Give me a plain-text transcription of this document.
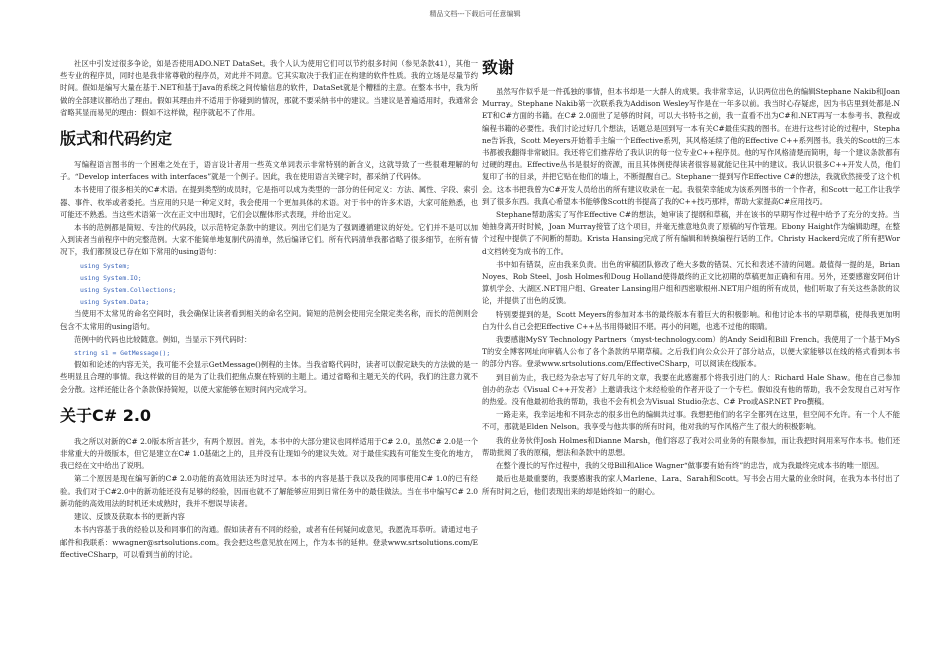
精品文档---下载后可任意编辑

社区中引发过很多争论，如是否使用ADO.NET DataSet。我个人认为使用它们可以节约很多时间（参见条款41），其他一些专业的程序员，同时也是我非常尊敬的程序员，对此并不同意。它其实取决于我们正在构建的软件性质。我的立场是尽量节约时间。假如是编写大量在基于.NET和基于Java的系统之间传输信息的软件，DataSet就是个糟糕的主意。在整本书中，我为所做的全部建议都给出了理由。假如其理由并不适用于你碰到的情况，那就不要采纳书中的建议。当建议是普遍适用时，我通常会省略其显而易见的理由：假如不这样做，程序就起不了作用。

版式和代码约定

写编程语言图书的一个困难之处在于，语言设计者用一些英文单词表示非常特别的新含义，这就导致了一些很难理解的句子。“Develop interfaces with interfaces”就是一个例子。因此，我在使用语言关键字时，都采纳了代码体。

本书使用了很多相关的C#术语。在提到类型的成员时，它是指可以成为类型的一部分的任何定义：方法、属性、字段、索引器、事件、枚举或者委托。当应用的只是一种定义时，我会使用一个更加具体的术语。对于书中的许多术语，大家可能熟悉，也可能还不熟悉。当这些术语第一次在正文中出现时，它们会以醒体形式表现，并给出定义。

本书的范例都是简短、专注的代码段，以示范特定条款中的建议。列出它们是为了强调遵循建议的好处。它们并不是可以加入到读者当前程序中的完整范例。大家不能简单地复制代码清单，然后编译它们。所有代码清单我都省略了很多细节，在所有情况下，我们都预设已存在如下常用的using语句：

using System;
using System.IO;
using System.Collections;
using System.Data;

当使用不太常见的命名空间时，我会确保让读者看到相关的命名空间。简短的范例会使用完全限定类名称，而长的范例则会包含不太常用的using语句。

范例中的代码也比较随意。例如，当显示下列代码时：

string s1 = GetMessage();

假如和论述的内容无关，我可能不会显示GetMessage()例程的主体。当我省略代码时，读者可以假定缺失的方法做的是一些明显且合理的事情。我这样做的目的是为了让我们把焦点聚在特别的主题上。通过省略和主题无关的代码，我们的注意力就不会分散。这样还能让各个条款保持简短，以使大家能够在短时间内完成学习。

关于C# 2.0

我之所以对新的C# 2.0版本所言甚少，有两个原因。首先，本书中的大部分建议也同样适用于C# 2.0。虽然C# 2.0是一个非常重大的升级版本，但它是建立在C# 1.0基础之上的，且并没有让现如今的建议失效。对于最佳实践有可能发生变化的地方，我已经在文中给出了说明。

第二个原因是现在编写新的C# 2.0功能的高效用法还为时过早。本书的内容是基于我以及我的同事使用C# 1.0的已有经验。我们对于C#2.0中的新功能还没有足够的经验，因而也就不了解能够应用到日常任务中的最佳做法。当在书中编写C# 2.0新功能的高效用法的时机还未成熟时，我并不想误导读者。

建议、反馈及获取本书的更新内容

本书内容基于我的经验以及和同事们的沟通。假如读者有不同的经验，或者有任何疑问或意见，我愿洗耳恭听。请通过电子邮件和我联系：wwagner@srtsolutions.com。我会把这些意见放在网上，作为本书的延伸。登录www.srtsolutions.com/EffectiveCSharp，可以看到当前的讨论。

致谢

虽然写作似乎是一件孤独的事情，但本书却是一大群人的成果。我非常幸运，认识两位出色的编辑Stephane Nakib和Joan Murray。Stephane Nakib第一次联系我为Addison Wesley写作是在一年多以前。我当时心存疑虑，因为书店里到处都是.NET和C#方面的书籍。在C# 2.0面世了足够的时间，可以大书特书之前，我一直看不出为C#和.NET再写一本参考书、教程或编程书籍的必要性。我们讨论过好几个想法，话题总是回到写一本有关C#最佳实践的图书。在进行这些讨论的过程中，Stephane告诉我，Scott Meyers开始着手主编一个Effective系列，其风格延续了他的Effective C++系列图书。我关的Scott的三本书都被我翻得非常破旧。我还将它们推荐给了我认识的每一位专业C++程序员。他的写作风格清楚而简明，每一个建议条款都有过硬的理由。Effective丛书是很好的资源，而且其体例使得读者很容易就能记住其中的建议。我认识很多C++开发人员，他们复印了书的目录，并把它贴在他们的墙上，不断提醒自己。Stephane一提到写作Effective C#的想法，我就欣然接受了这个机会。这本书把我曾为C#开发人员给出的所有建议收录在一起。我很荣幸能成为该系列图书的一个作者，和Scott一起工作让我学到了很多东西。我真心希望本书能够像Scott的书提高了我的C++技巧那样，帮助大家提高C#应用技巧。

Stephane帮助落实了写作Effective C#的想法，她审读了提纲和草稿，并在该书的早期写作过程中给予了充分的支持。当她抽身离开时时候，Joan Murray接管了这个项目，并毫无推意地负责了原稿的写作管理。Ebony Haight作为编辑助理，在整个过程中提供了不间断的帮助。Krista Hansing完成了所有编辑和转换编程行话的工作。Christy Hackerd完成了所有把Word文档转变为成书的工作。

书中如有错误，应由我来负责。出色的审稿团队修改了绝大多数的错误、冗长和表述不清的问题。最值得一提的是，Brian Noyes、Rob Steel、Josh Holmes和Doug Holland使得最终的正文比初期的草稿更加正确和有用。另外，还要感谢安阿伯计算机学会、大湖区.NET用户组、Greater Lansing用户组和西密歇根州.NET用户组的所有成员，他们听取了有关这些条款的议论，并提供了出色的反馈。

特别要提到的是，Scott Meyers的参加对本书的最终版本有着巨大的积极影响。和他讨论本书的早期草稿，使得我更加明白为什么自己会把Effective C++丛书用得破旧不堪。再小的问题，也逃不过他的眼睛。

我要感谢MySY Technology Partners（myst-technology.com）的Andy Seidl和Bill French。我使用了一个基于MyST的安全博客网址向审稿人公布了各个条款的早期草稿。之后我们向公众公开了部分站点，以便大家能够以在线的格式看到本书的部分内容。登录www.srtsolutions.com/EffectiveCSharp，可以阅读在线版本。

到目前为止，我已经为杂志写了好几年的文章，我要在此感谢那个将我引进门的人：Richard Hale Shaw。他在自己参加创办的杂志《Visual C++开发者》上邀请我这个未经检验的作者开设了一个专栏。假如没有他的帮助，我不会发现自己对写作的热爱。没有他最初给我的帮助，我也不会有机会为Visual Studio杂志、C# Pro或ASP.NET Pro撰稿。

一路走来，我幸运地和不同杂志的很多出色的编辑共过事。我想把他们的名字全都列在这里，但空间不允许。有一个人不能不可，那就是Elden Nelson。我享受与他共事的所有时间，他对我的写作风格产生了很大的积极影响。

我的业务伙伴Josh Holmes和Dianne Marsh，他们容忍了我对公司业务的有限参加，而让我把时间用来写作本书。他们还帮助批阅了我的原稿，想法和条款中的思想。

在整个漫长的写作过程中，我的父母Bill和Alice Wagner“做事要有始有终”的忠告，成为我最终完成本书的唯一原因。

最后也是最重要的，我要感谢我的家人Marlene、Lara、Sarah和Scott。写书会占用大量的业余时间，在我为本书付出了所有时间之后，他们表现出来的却是始终如一的耐心。
